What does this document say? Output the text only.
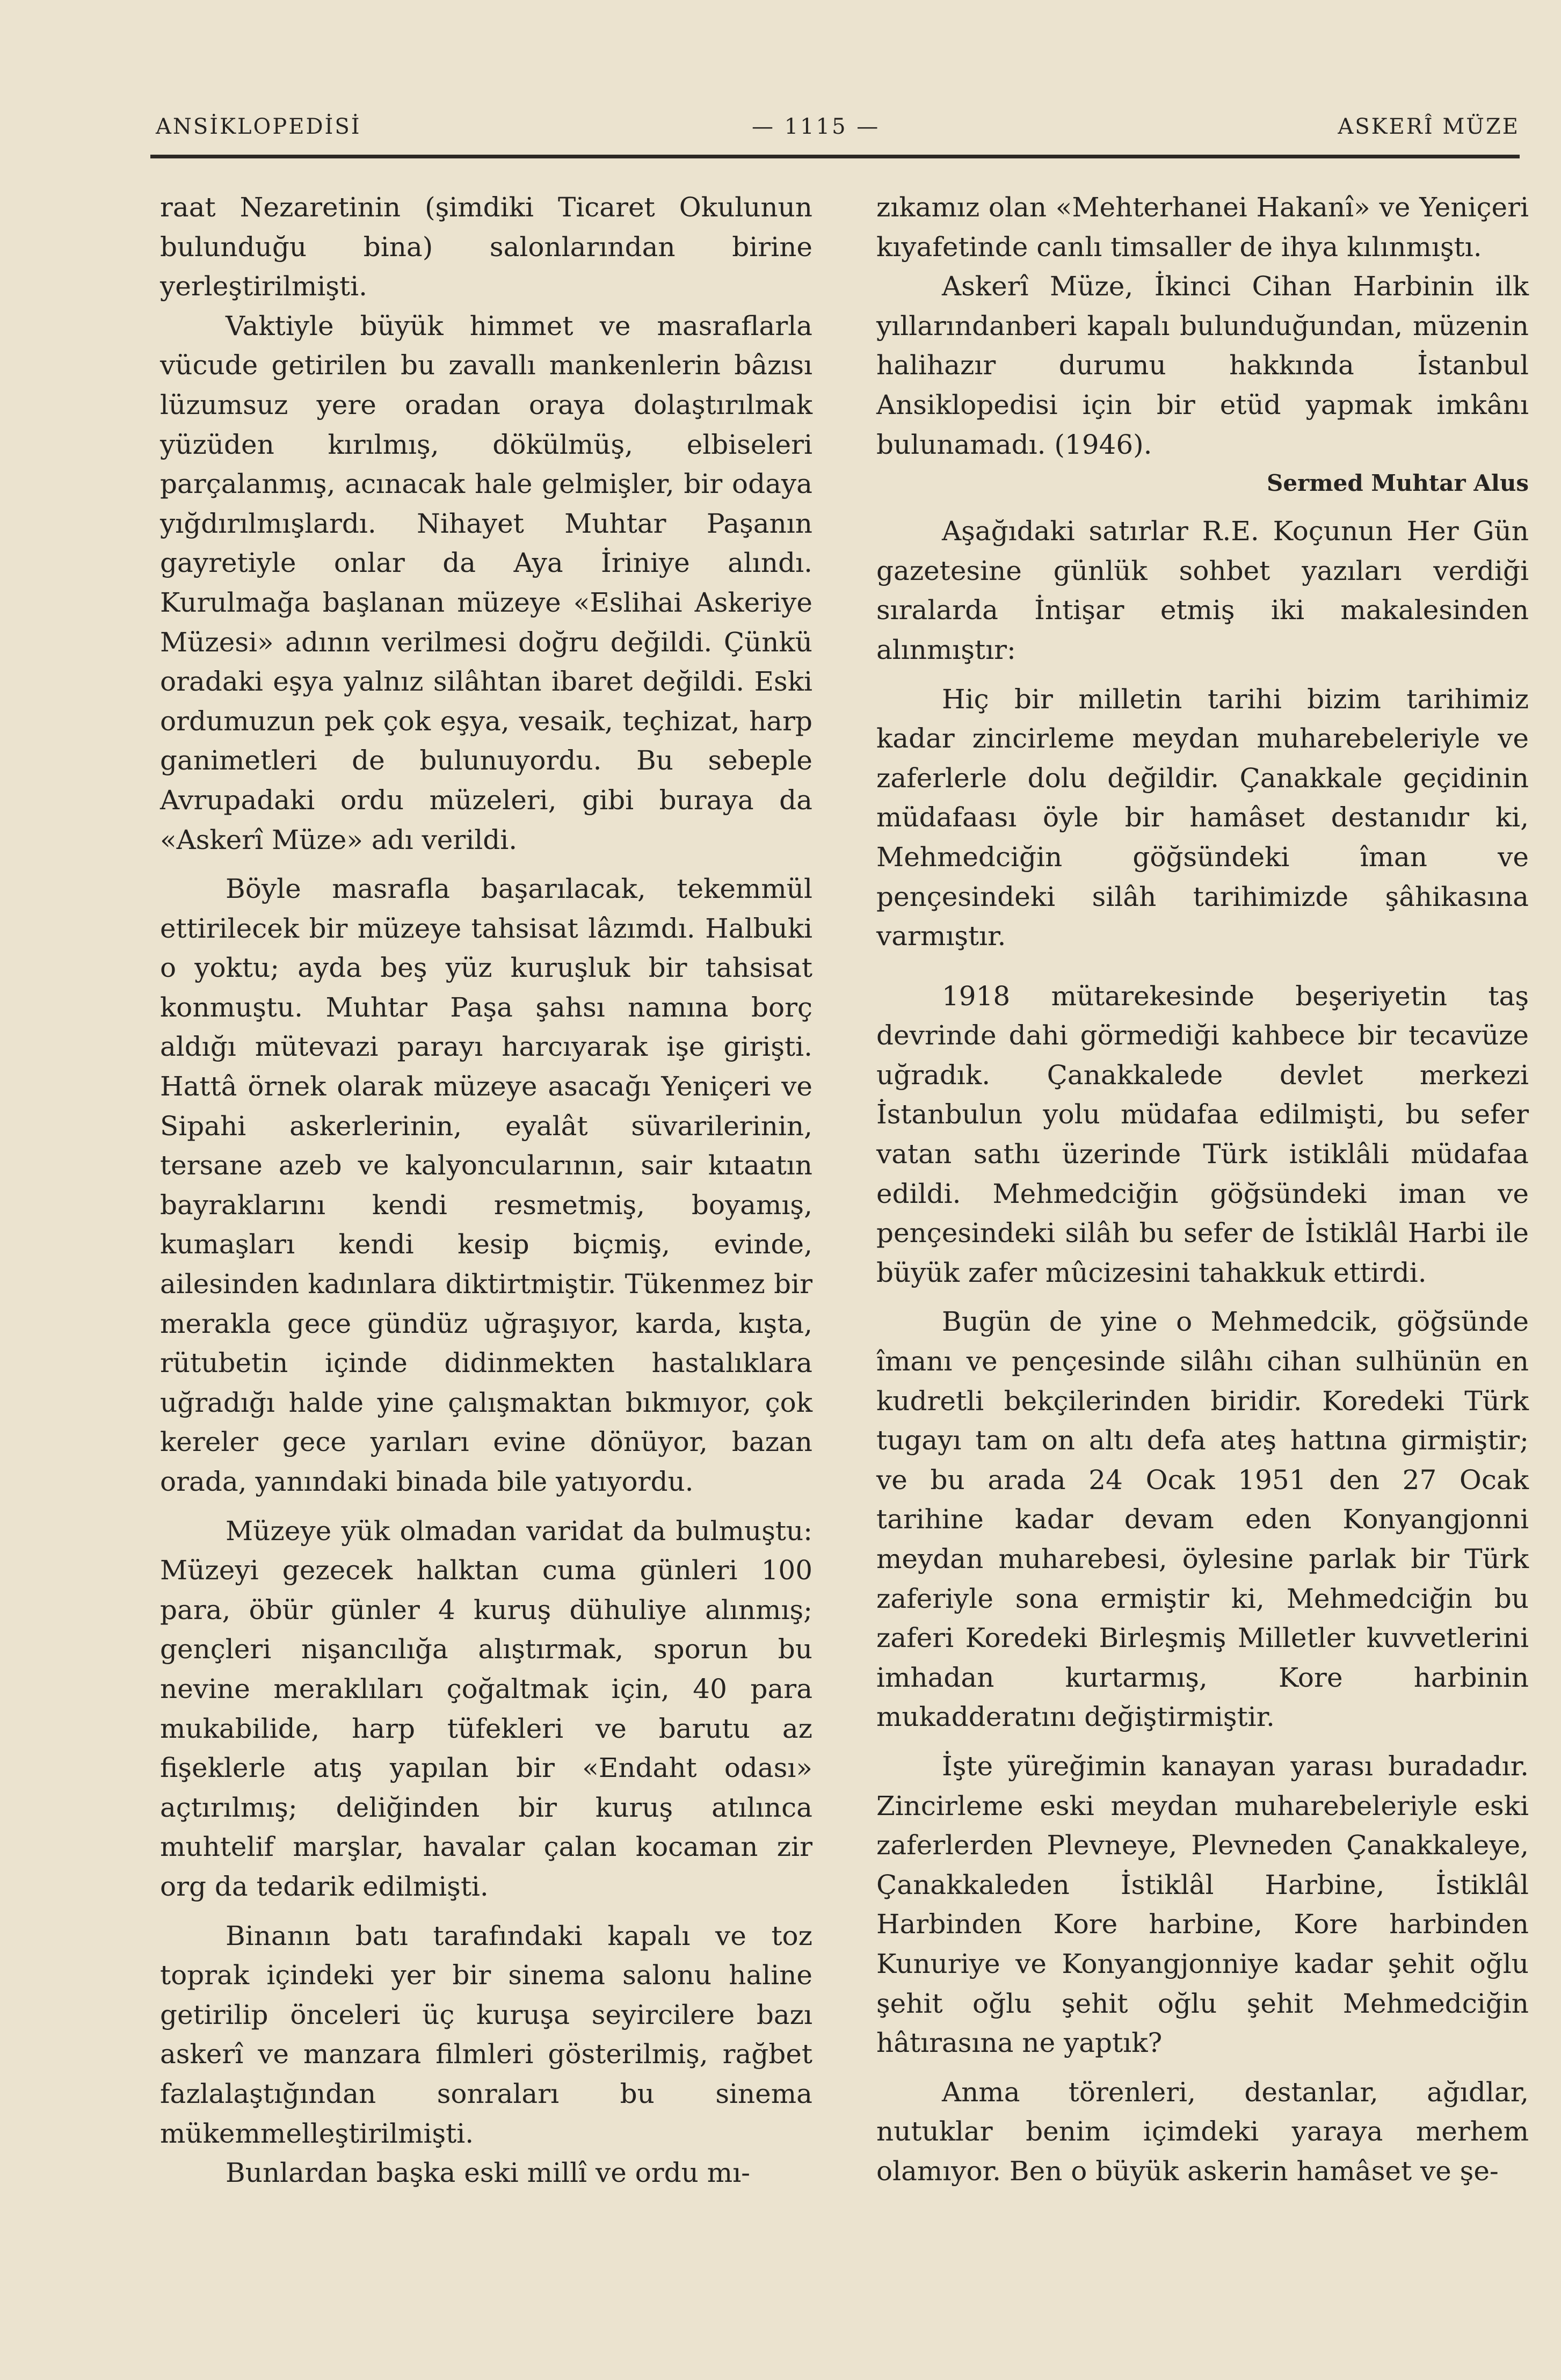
ANSİKLOPEDİSİ	— 1115 —	ASKERÎ MÜZE

raat Nezaretinin (şimdiki Ticaret Okulunun bulunduğu bina) salonlarından birine yerleştirilmişti.

Vaktiyle büyük himmet ve masraflarla vücude getirilen bu zavallı mankenlerin bâzısı lüzumsuz yere oradan oraya dolaştırılmak yüzüden kırılmış, dökülmüş, elbiseleri parçalanmış, acınacak hale gelmişler, bir odaya yığdırılmışlardı. Nihayet Muhtar Paşanın gayretiyle onlar da Aya İriniye alındı. Kurulmağa başlanan müzeye «Eslihai Askeriye Müzesi» adının verilmesi doğru değildi. Çünkü oradaki eşya yalnız silâhtan ibaret değildi. Eski ordumuzun pek çok eşya, vesaik, teçhizat, harp ganimetleri de bulunuyordu. Bu sebeple Avrupadaki ordu müzeleri, gibi buraya da «Askerî Müze» adı verildi.

Böyle masrafla başarılacak, tekemmül ettirilecek bir müzeye tahsisat lâzımdı. Halbuki o yoktu; ayda beş yüz kuruşluk bir tahsisat konmuştu. Muhtar Paşa şahsı namına borç aldığı mütevazi parayı harcıyarak işe girişti. Hattâ örnek olarak müzeye asacağı Yeniçeri ve Sipahi askerlerinin, eyalât süvarilerinin, tersane azeb ve kalyoncularının, sair kıtaatın bayraklarını kendi resmetmiş, boyamış, kumaşları kendi kesip biçmiş, evinde, ailesinden kadınlara diktirtmiştir. Tükenmez bir merakla gece gündüz uğraşıyor, karda, kışta, rütubetin içinde didinmekten hastalıklara uğradığı halde yine çalışmaktan bıkmıyor, çok kereler gece yarıları evine dönüyor, bazan orada, yanındaki binada bile yatıyordu.

Müzeye yük olmadan varidat da bulmuştu: Müzeyi gezecek halktan cuma günleri 100 para, öbür günler 4 kuruş dühuliye alınmış; gençleri nişancılığa alıştırmak, sporun bu nevine meraklıları çoğaltmak için, 40 para mukabilide, harp tüfekleri ve barutu az fişeklerle atış yapılan bir «Endaht odası» açtırılmış; deliğinden bir kuruş atılınca muhtelif marşlar, havalar çalan kocaman zir org da tedarik edilmişti.

Binanın batı tarafındaki kapalı ve toz toprak içindeki yer bir sinema salonu haline getirilip önceleri üç kuruşa seyircilere bazı askerî ve manzara filmleri gösterilmiş, rağbet fazlalaştığından sonraları bu sinema mükemmelleştirilmişti.

Bunlardan başka eski millî ve ordu mı-

zıkamız olan «Mehterhanei Hakanî» ve Yeniçeri kıyafetinde canlı timsaller de ihya kılınmıştı.

Askerî Müze, İkinci Cihan Harbinin ilk yıllarındanberi kapalı bulunduğundan, müzenin halihazır durumu hakkında İstanbul Ansiklopedisi için bir etüd yapmak imkânı bulunamadı. (1946).

Sermed Muhtar Alus

Aşağıdaki satırlar R.E. Koçunun Her Gün gazetesine günlük sohbet yazıları verdiği sıralarda İntişar etmiş iki makalesinden alınmıştır:

Hiç bir milletin tarihi bizim tarihimiz kadar zincirleme meydan muharebeleriyle ve zaferlerle dolu değildir. Çanakkale geçidinin müdafaası öyle bir hamâset destanıdır ki, Mehmedciğin göğsündeki îman ve pençesindeki silâh tarihimizde şâhikasına varmıştır.

1918 mütarekesinde beşeriyetin taş devrinde dahi görmediği kahbece bir tecavüze uğradık. Çanakkalede devlet merkezi İstanbulun yolu müdafaa edilmişti, bu sefer vatan sathı üzerinde Türk istiklâli müdafaa edildi. Mehmedciğin göğsündeki iman ve pençesindeki silâh bu sefer de İstiklâl Harbi ile büyük zafer mûcizesini tahakkuk ettirdi.

Bugün de yine o Mehmedcik, göğsünde îmanı ve pençesinde silâhı cihan sulhünün en kudretli bekçilerinden biridir. Koredeki Türk tugayı tam on altı defa ateş hattına girmiştir; ve bu arada 24 Ocak 1951 den 27 Ocak tarihine kadar devam eden Konyangjonni meydan muharebesi, öylesine parlak bir Türk zaferiyle sona ermiştir ki, Mehmedciğin bu zaferi Koredeki Birleşmiş Milletler kuvvetlerini imhadan kurtarmış, Kore harbinin mukadderatını değiştirmiştir.

İşte yüreğimin kanayan yarası buradadır. Zincirleme eski meydan muharebeleriyle eski zaferlerden Plevneye, Plevneden Çanakkaleye, Çanakkaleden İstiklâl Harbine, İstiklâl Harbinden Kore harbine, Kore harbinden Kunuriye ve Konyangjonniye kadar şehit oğlu şehit oğlu şehit oğlu şehit Mehmedciğin hâtırasına ne yaptık?

Anma törenleri, destanlar, ağıdlar, nutuklar benim içimdeki yaraya merhem olamıyor. Ben o büyük askerin hamâset ve şe-
